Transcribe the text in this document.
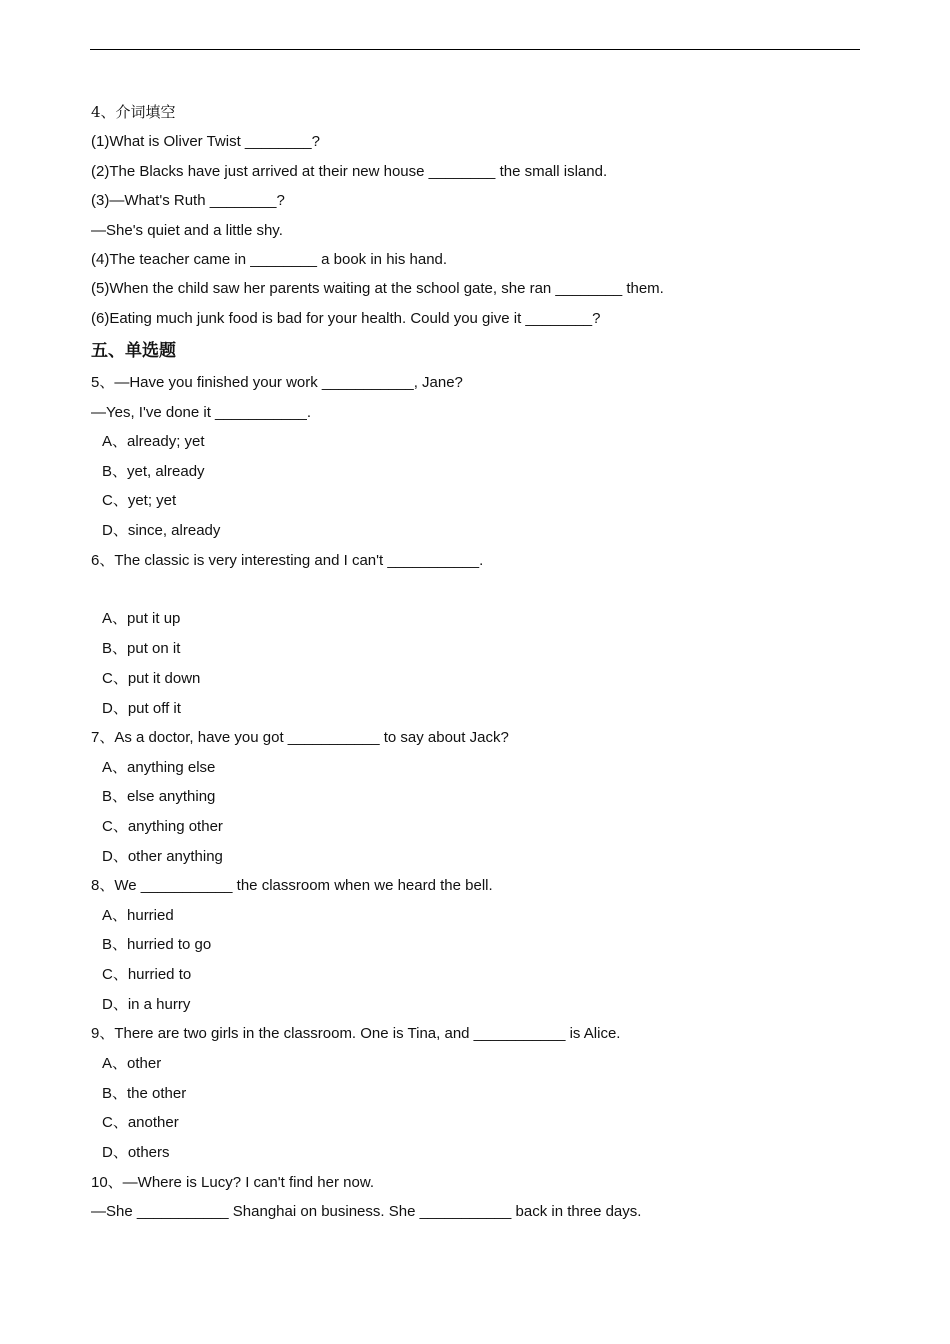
4、介词填空
(1)What is Oliver Twist ________?
(2)The Blacks have just arrived at their new house ________ the small island.
(3)—What's Ruth ________?
—She's quiet and a little shy.
(4)The teacher came in ________ a book in his hand.
(5)When the child saw her parents waiting at the school gate, she ran ________ them.
(6)Eating much junk food is bad for your health. Could you give it ________?
五、单选题
5、—Have you finished your work ___________, Jane?
—Yes, I've done it ___________.
A、already; yet
B、yet, already
C、yet; yet
D、since, already
6、The classic is very interesting and I can't ___________.
A、put it up
B、put on it
C、put it down
D、put off it
7、As a doctor, have you got ___________ to say about Jack?
A、anything else
B、else anything
C、anything other
D、other anything
8、We ___________ the classroom when we heard the bell.
A、hurried
B、hurried to go
C、hurried to
D、in a hurry
9、There are two girls in the classroom. One is Tina, and ___________ is Alice.
A、other
B、the other
C、another
D、others
10、—Where is Lucy? I can't find her now.
—She ___________ Shanghai on business. She ___________ back in three days.
